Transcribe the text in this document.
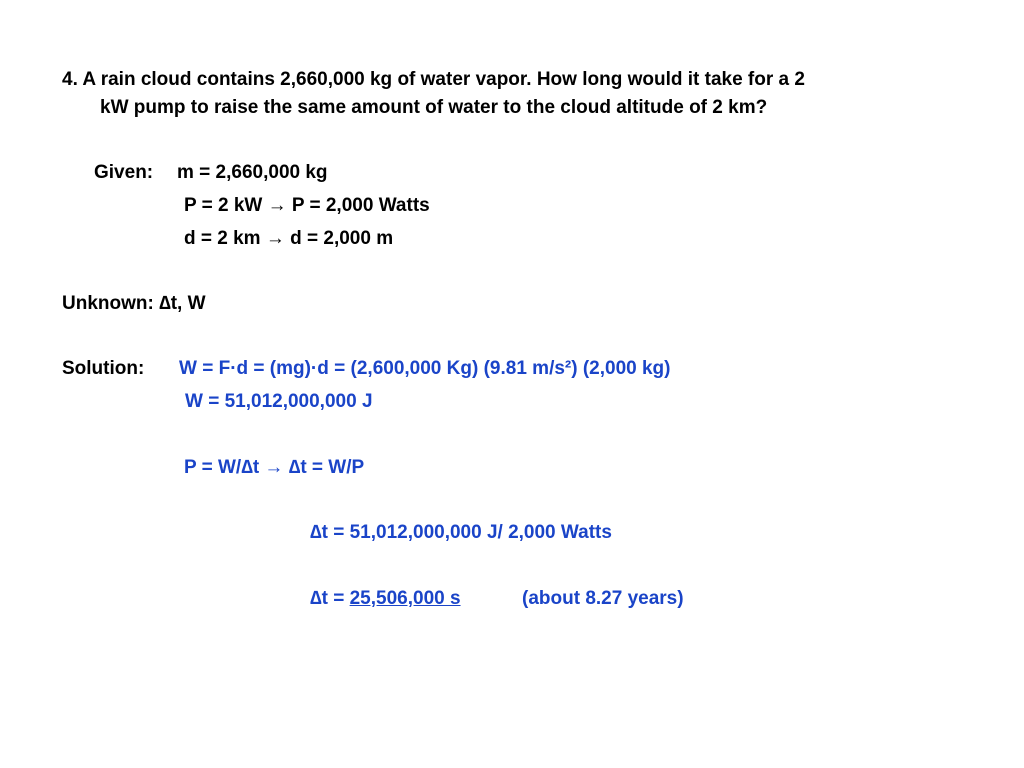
4. A rain cloud contains 2,660,000 kg of water vapor. How long would it take for a 2
kW pump to raise the same amount of water to the cloud altitude of 2 km?
Given: m = 2,660,000 kg
P = 2 kW → P = 2,000 Watts
d = 2 km → d = 2,000 m
Unknown: ∆t, W
Solution: W = F·d = (mg)·d = (2,600,000 Kg) (9.81 m/s²) (2,000 kg)
W = 51,012,000,000 J
P = W/∆t → ∆t = W/P
∆t = 51,012,000,000 J/ 2,000 Watts
∆t = 25,506,000 s	(about 8.27 years)
